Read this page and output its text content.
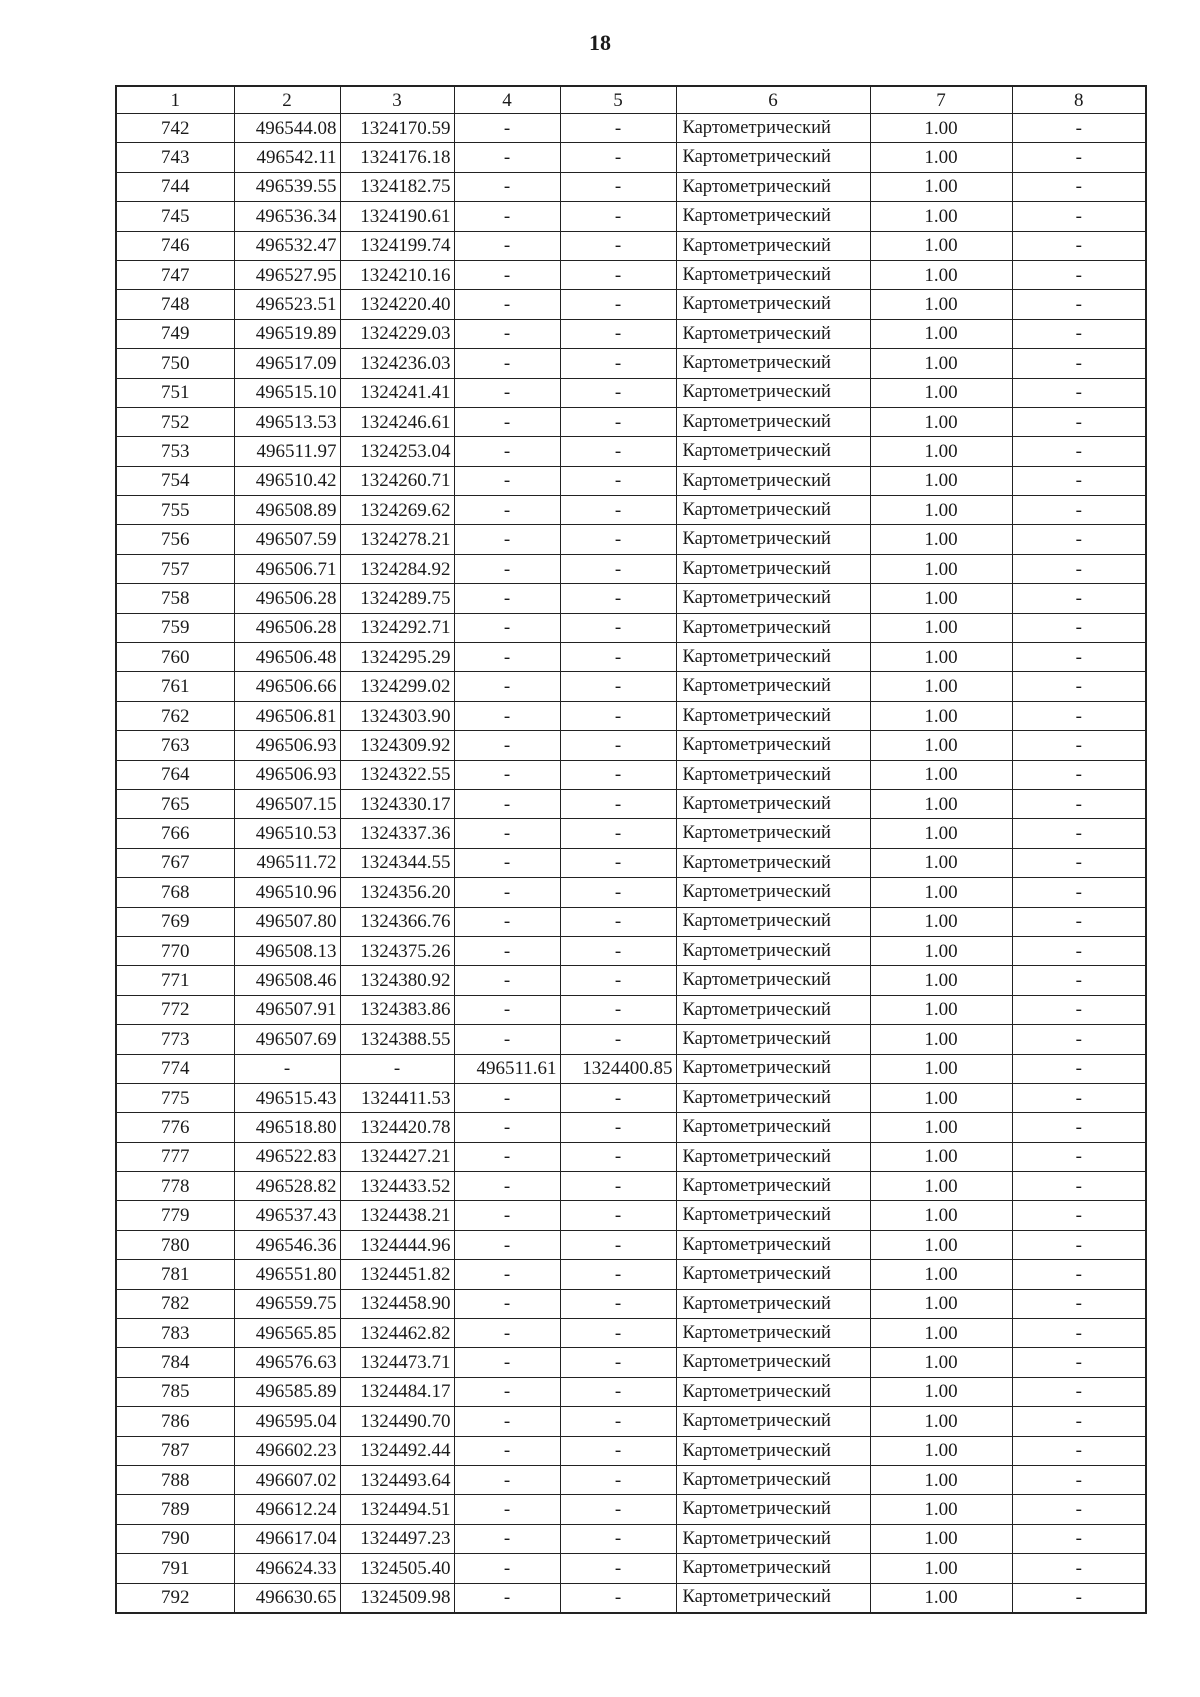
18
1	2	3	4	5	6	7	8
742	496544.08	1324170.59	-	-	Картометрический	1.00	-
743	496542.11	1324176.18	-	-	Картометрический	1.00	-
744	496539.55	1324182.75	-	-	Картометрический	1.00	-
745	496536.34	1324190.61	-	-	Картометрический	1.00	-
746	496532.47	1324199.74	-	-	Картометрический	1.00	-
747	496527.95	1324210.16	-	-	Картометрический	1.00	-
748	496523.51	1324220.40	-	-	Картометрический	1.00	-
749	496519.89	1324229.03	-	-	Картометрический	1.00	-
750	496517.09	1324236.03	-	-	Картометрический	1.00	-
751	496515.10	1324241.41	-	-	Картометрический	1.00	-
752	496513.53	1324246.61	-	-	Картометрический	1.00	-
753	496511.97	1324253.04	-	-	Картометрический	1.00	-
754	496510.42	1324260.71	-	-	Картометрический	1.00	-
755	496508.89	1324269.62	-	-	Картометрический	1.00	-
756	496507.59	1324278.21	-	-	Картометрический	1.00	-
757	496506.71	1324284.92	-	-	Картометрический	1.00	-
758	496506.28	1324289.75	-	-	Картометрический	1.00	-
759	496506.28	1324292.71	-	-	Картометрический	1.00	-
760	496506.48	1324295.29	-	-	Картометрический	1.00	-
761	496506.66	1324299.02	-	-	Картометрический	1.00	-
762	496506.81	1324303.90	-	-	Картометрический	1.00	-
763	496506.93	1324309.92	-	-	Картометрический	1.00	-
764	496506.93	1324322.55	-	-	Картометрический	1.00	-
765	496507.15	1324330.17	-	-	Картометрический	1.00	-
766	496510.53	1324337.36	-	-	Картометрический	1.00	-
767	496511.72	1324344.55	-	-	Картометрический	1.00	-
768	496510.96	1324356.20	-	-	Картометрический	1.00	-
769	496507.80	1324366.76	-	-	Картометрический	1.00	-
770	496508.13	1324375.26	-	-	Картометрический	1.00	-
771	496508.46	1324380.92	-	-	Картометрический	1.00	-
772	496507.91	1324383.86	-	-	Картометрический	1.00	-
773	496507.69	1324388.55	-	-	Картометрический	1.00	-
774	-	-	496511.61	1324400.85	Картометрический	1.00	-
775	496515.43	1324411.53	-	-	Картометрический	1.00	-
776	496518.80	1324420.78	-	-	Картометрический	1.00	-
777	496522.83	1324427.21	-	-	Картометрический	1.00	-
778	496528.82	1324433.52	-	-	Картометрический	1.00	-
779	496537.43	1324438.21	-	-	Картометрический	1.00	-
780	496546.36	1324444.96	-	-	Картометрический	1.00	-
781	496551.80	1324451.82	-	-	Картометрический	1.00	-
782	496559.75	1324458.90	-	-	Картометрический	1.00	-
783	496565.85	1324462.82	-	-	Картометрический	1.00	-
784	496576.63	1324473.71	-	-	Картометрический	1.00	-
785	496585.89	1324484.17	-	-	Картометрический	1.00	-
786	496595.04	1324490.70	-	-	Картометрический	1.00	-
787	496602.23	1324492.44	-	-	Картометрический	1.00	-
788	496607.02	1324493.64	-	-	Картометрический	1.00	-
789	496612.24	1324494.51	-	-	Картометрический	1.00	-
790	496617.04	1324497.23	-	-	Картометрический	1.00	-
791	496624.33	1324505.40	-	-	Картометрический	1.00	-
792	496630.65	1324509.98	-	-	Картометрический	1.00	-
